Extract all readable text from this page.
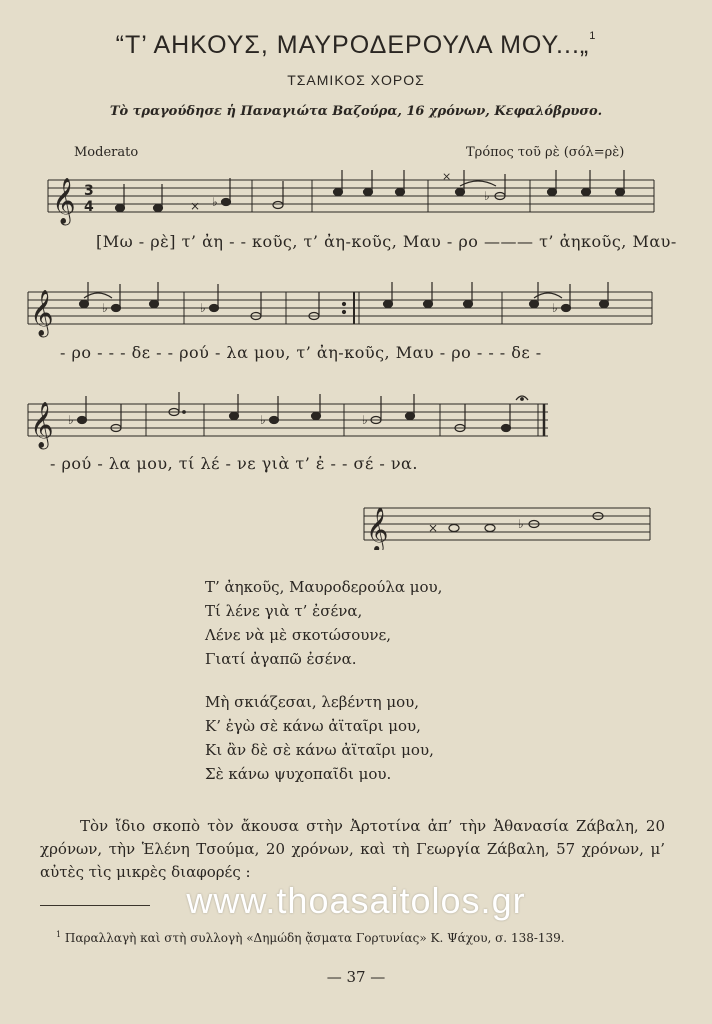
“Τ’ ΑΗΚΟΥΣ, ΜΑΥΡΟΔΕΡΟΥΛΑ ΜΟΥ...„$^1$
ΤΣΑΜΙΚΟΣ ΧΟΡΟΣ
Τὸ τραγούδησε ἡ Παναγιώτα Βαζούρα, 16 χρόνων, Κεφαλόβρυσο.
Moderato	Τρόπος τοῦ ρὲ (σόλ=ρὲ)
𝄞 3
4	× ♭
×
♭
[Μω - ρὲ] τ’ ἀη - - κοῦς, τ’ ἀη-κοῦς, Μαυ - ρο ——— τ’ ἀηκοῦς, Μαυ-
𝄞	♭	♭	♭
- ρο - - - δε - - ρού - λα μου, τ’ ἀη-κοῦς, Μαυ - ρο - - - δε -
𝄞 ♭	♭	♭
- ρού - λα μου, τί λέ - νε γιὰ τ’ ἐ - - σέ - να.
𝄞	×	♭
Τ’ ἀηκοῦς, Μαυροδερούλα μου,
Τί λένε γιὰ τ’ ἐσένα,
Λένε νὰ μὲ σκοτώσουνε,
Γιατί ἀγαπῶ ἐσένα.
Μὴ σκιάζεσαι, λεβέντη μου,
Κ’ ἐγὼ σὲ κάνω ἀϊταῖρι μου,
Κι ἂν δὲ σὲ κάνω ἀϊταῖρι μου,
Σὲ κάνω ψυχοπαῖδι μου.
Τὸν ἴδιο σκοπὸ τὸν ἄκουσα στὴν Ἀρτοτίνα ἀπ’ τὴν Ἀθανασία Ζάβαλη, 20 χρόνων, τὴν Ἑλένη Τσούμα, 20 χρόνων, καὶ τὴ Γεωργία Ζάβαλη, 57 χρόνων, μ’ αὐτὲς τὶς μικρὲς διαφορές :
www.thoasaitolos.gr
$^1$ Παραλλαγὴ καὶ στὴ συλλογὴ «Δημώδη ᾄσματα Γορτυνίας» Κ. Ψάχου, σ. 138-139.
— 37 —
